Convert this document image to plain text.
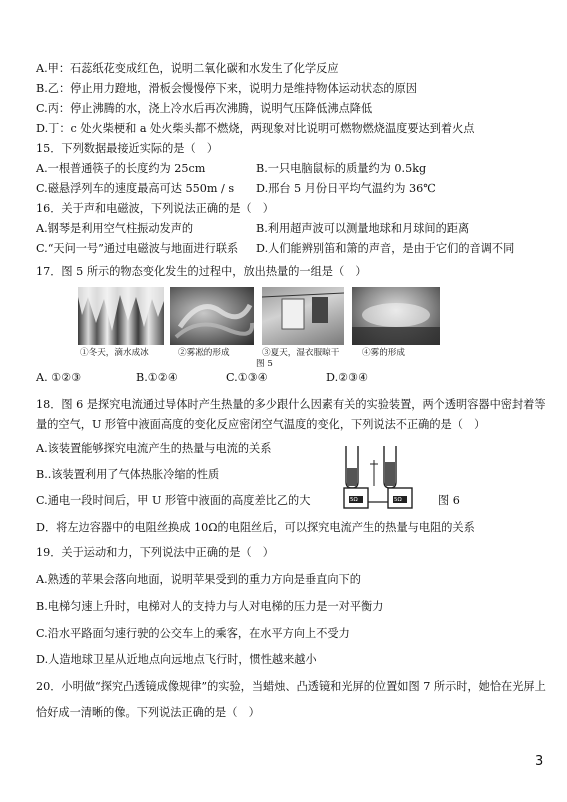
A.甲：石蕊纸花变成红色，说明二氧化碳和水发生了化学反应
B.乙：停止用力蹬地，滑板会慢慢停下来，说明力是维持物体运动状态的原因
C.丙：停止沸腾的水，浇上冷水后再次沸腾，说明气压降低沸点降低
D.丁：c 处火柴梗和 a 处火柴头都不燃烧，两现象对比说明可燃物燃烧温度要达到着火点
15．下列数据最接近实际的是（　）
A.一根普通筷子的长度约为 25cm	B.一只电脑鼠标的质量约为 0.5kg
C.磁悬浮列车的速度最高可达 550m / s D.邢台 5 月份日平均气温约为 36℃
16．关于声和电磁波，下列说法正确的是（　）
A.钢琴是利用空气柱振动发声的	B.利用超声波可以测量地球和月球间的距离
C.“天问一号”通过电磁波与地面进行联系 D.人们能辨别笛和箫的声音，是由于它们的音调不同
17．图 5 所示的物态变化发生的过程中，放出热量的一组是（　）
①冬天，滴水成冰	②雾凇的形成	③夏天，湿衣服晾干	④雾的形成
图 5
A. ①②③	B.①②④	C.①③④	D.②③④
18．图 6 是探究电流通过导体时产生热量的多少跟什么因素有关的实验装置，两个透明容器中密封着等
量的空气，U 形管中液面高度的变化反应密闭空气温度的变化，下列说法不正确的是（　）
A.该装置能够探究电流产生的热量与电流的关系
B..该装置利用了气体热胀冷缩的性质
C.通电一段时间后，甲 U 形管中液面的高度差比乙的大	5Ω	5Ω	图 6
D．将左边容器中的电阻丝换成 10Ω的电阻丝后，可以探究电流产生的热量与电阻的关系
19．关于运动和力，下列说法中正确的是（　）
A.熟透的苹果会落向地面，说明苹果受到的重力方向是垂直向下的
B.电梯匀速上升时，电梯对人的支持力与人对电梯的压力是一对平衡力
C.沿水平路面匀速行驶的公交车上的乘客，在水平方向上不受力
D.人造地球卫星从近地点向远地点飞行时，惯性越来越小
20．小明做“探究凸透镜成像规律”的实验，当蜡烛、凸透镜和光屏的位置如图 7 所示时，她恰在光屏上
恰好成一清晰的像。下列说法正确的是（　）
3
